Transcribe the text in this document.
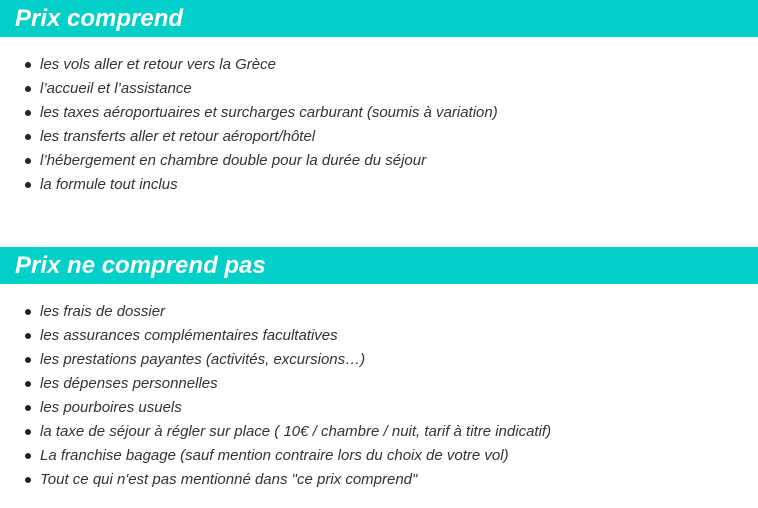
Prix comprend
les vols aller et retour vers la Grèce
l’accueil et l’assistance
les taxes aéroportuaires et surcharges carburant (soumis à variation)
les transferts aller et retour aéroport/hôtel
l’hébergement en chambre double pour la durée du séjour
la formule tout inclus
Prix ne comprend pas
les frais de dossier
les assurances complémentaires facultatives
les prestations payantes (activités, excursions…)
les dépenses personnelles
les pourboires usuels
la taxe de séjour à régler sur place ( 10€ / chambre / nuit, tarif à titre indicatif)
La franchise bagage (sauf mention contraire lors du choix de votre vol)
Tout ce qui n'est pas mentionné dans "ce prix comprend"
